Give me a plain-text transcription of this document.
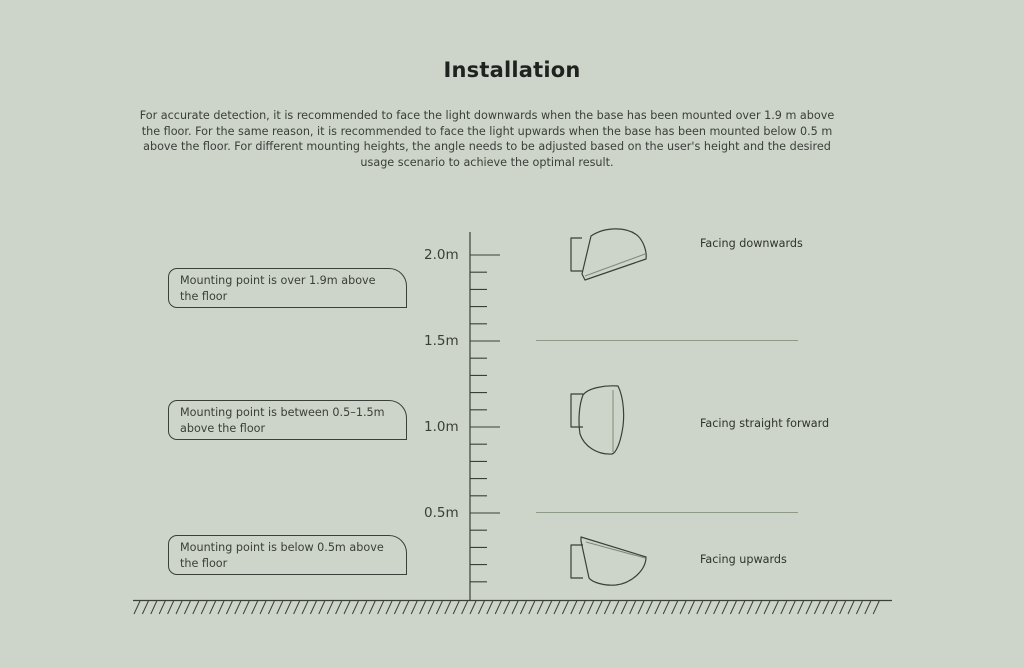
Installation
For accurate detection, it is recommended to face the light downwards when the base has been mounted over 1.9 m above the floor. For the same reason, it is recommended to face the light upwards when the base has been mounted below 0.5 m above the floor. For different mounting heights, the angle needs to be adjusted based on the user's height and the desired usage scenario to achieve the optimal result.
2.0m
1.5m
1.0m
0.5m
Mounting point is over 1.9m above the floor
Mounting point is between 0.5–1.5m above the floor
Mounting point is below 0.5m above the floor
Facing downwards
Facing straight forward
Facing upwards
